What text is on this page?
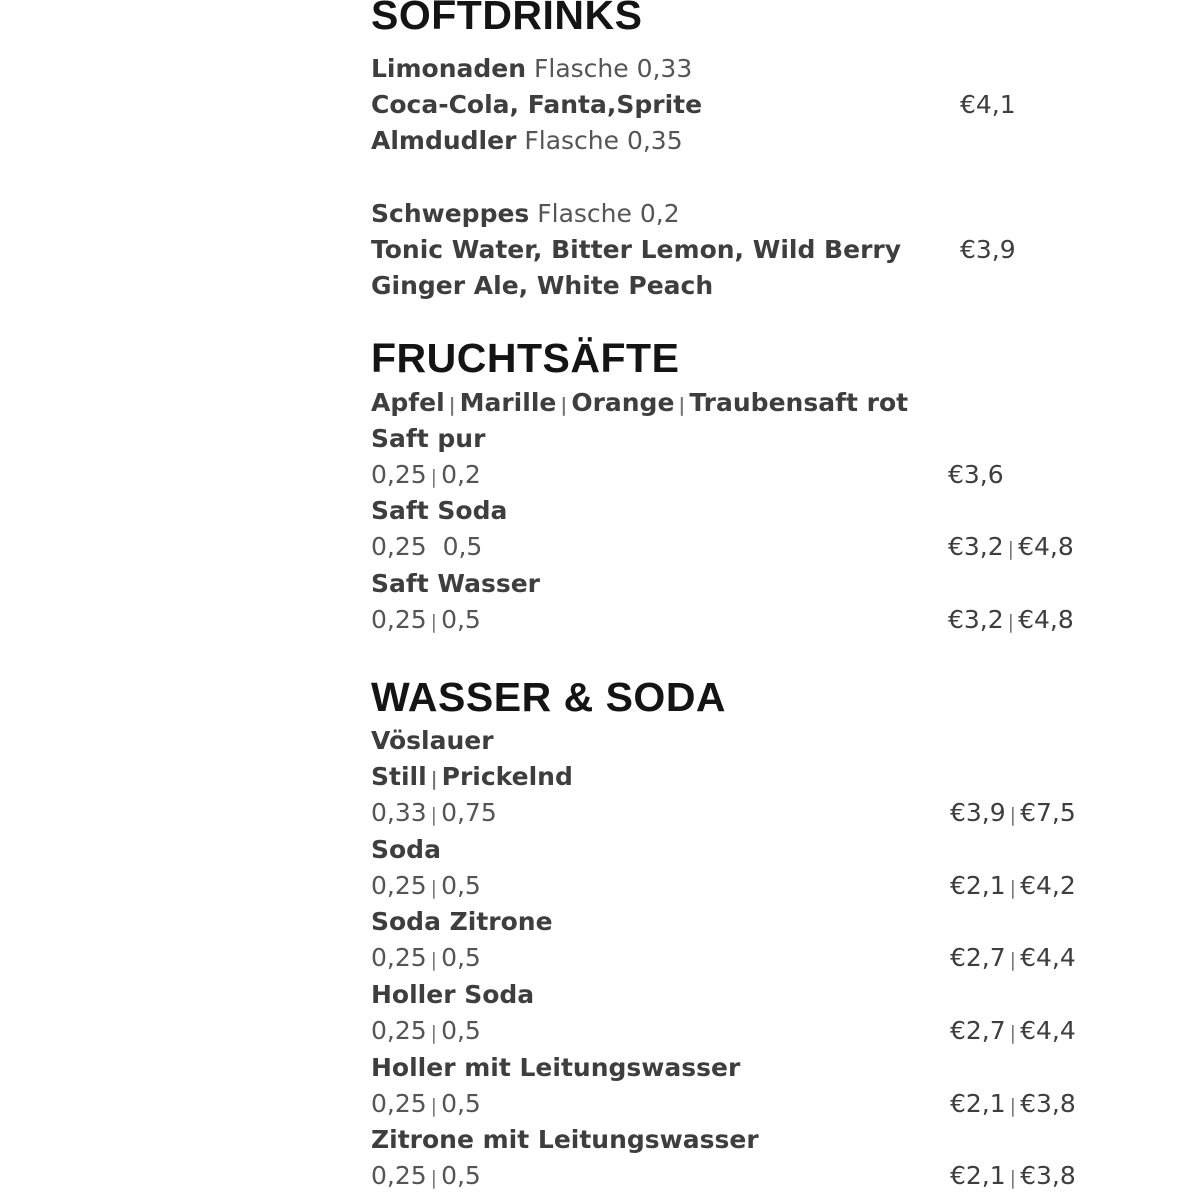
SOFTDRINKS
Limonaden Flasche 0,33
Coca-Cola, Fanta,Sprite	€4,1
Almdudler Flasche 0,35
Schweppes Flasche 0,2
Tonic Water, Bitter Lemon, Wild Berry €3,9
Ginger Ale, White Peach
FRUCHTSÄFTE
Apfel | Marille | Orange | Traubensaft rot
Saft pur
0,25 | 0,2	€3,6
Saft Soda
0,25 0,5	€3,2 | €4,8
Saft Wasser
0,25 | 0,5	€3,2 | €4,8
WASSER & SODA
Vöslauer
Still | Prickelnd
0,33 | 0,75	€3,9 | €7,5
Soda
0,25 | 0,5	€2,1 | €4,2
Soda Zitrone
0,25 | 0,5	€2,7 | €4,4
Holler Soda
0,25 | 0,5	€2,7 | €4,4
Holler mit Leitungswasser
0,25 | 0,5	€2,1 | €3,8
Zitrone mit Leitungswasser
0,25 | 0,5	€2,1 | €3,8
